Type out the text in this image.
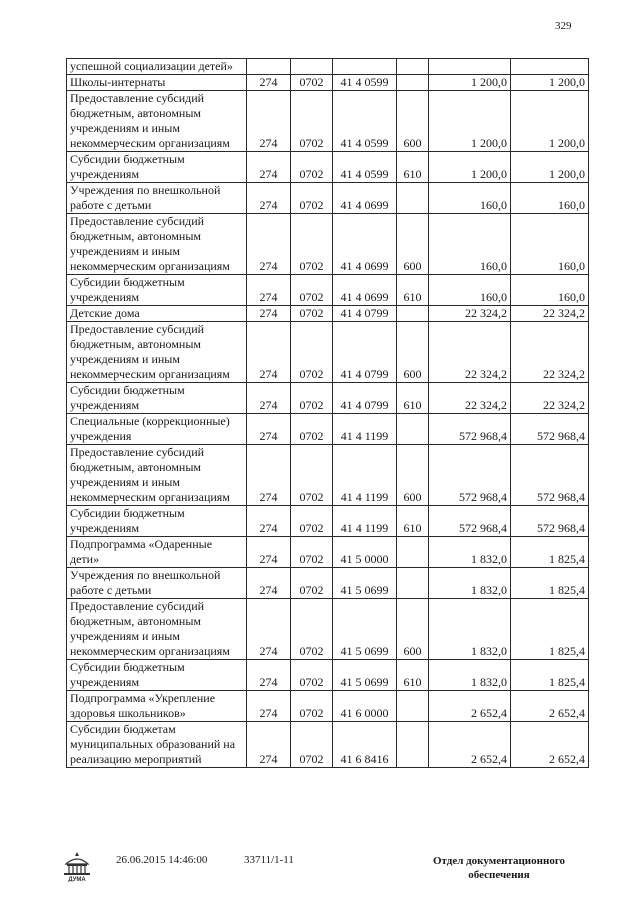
329
успешной социализации детей»						
Школы-интернаты	274	0702	41 4 0599		1 200,0	1 200,0
Предоставление субсидий бюджетным, автономным учреждениям и иным некоммерческим организациям	274	0702	41 4 0599	600	1 200,0	1 200,0
Субсидии бюджетным учреждениям	274	0702	41 4 0599	610	1 200,0	1 200,0
Учреждения по внешкольной работе с детьми	274	0702	41 4 0699		160,0	160,0
Предоставление субсидий бюджетным, автономным учреждениям и иным некоммерческим организациям	274	0702	41 4 0699	600	160,0	160,0
Субсидии бюджетным учреждениям	274	0702	41 4 0699	610	160,0	160,0
Детские дома	274	0702	41 4 0799		22 324,2	22 324,2
Предоставление субсидий бюджетным, автономным учреждениям и иным некоммерческим организациям	274	0702	41 4 0799	600	22 324,2	22 324,2
Субсидии бюджетным учреждениям	274	0702	41 4 0799	610	22 324,2	22 324,2
Специальные (коррекционные) учреждения	274	0702	41 4 1199		572 968,4	572 968,4
Предоставление субсидий бюджетным, автономным учреждениям и иным некоммерческим организациям	274	0702	41 4 1199	600	572 968,4	572 968,4
Субсидии бюджетным учреждениям	274	0702	41 4 1199	610	572 968,4	572 968,4
Подпрограмма «Одаренные дети»	274	0702	41 5 0000		1 832,0	1 825,4
Учреждения по внешкольной работе с детьми	274	0702	41 5 0699		1 832,0	1 825,4
Предоставление субсидий бюджетным, автономным учреждениям и иным некоммерческим организациям	274	0702	41 5 0699	600	1 832,0	1 825,4
Субсидии бюджетным учреждениям	274	0702	41 5 0699	610	1 832,0	1 825,4
Подпрограмма «Укрепление здоровья школьников»	274	0702	41 6 0000		2 652,4	2 652,4
Субсидии бюджетам муниципальных образований на реализацию мероприятий	274	0702	41 6 8416		2 652,4	2 652,4
ДУМА
26.06.2015 14:46:00	33711/1-11	Отдел документационного обеспечения
